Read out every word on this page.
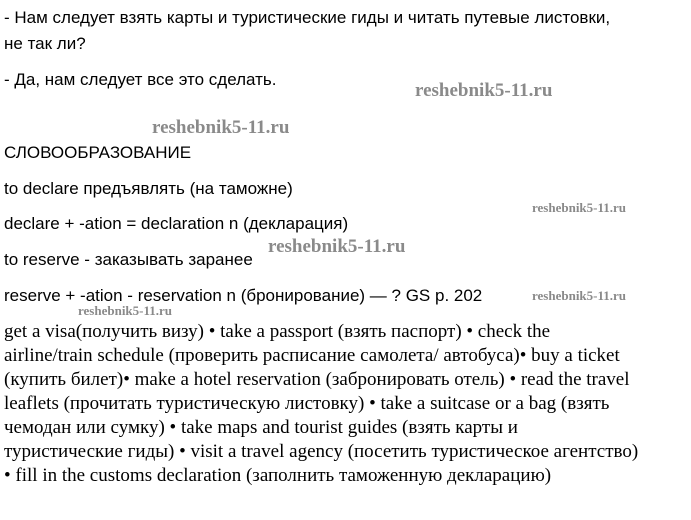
- Нам следует взять карты и туристические гиды и читать путевые листовки,
не так ли?
- Да, нам следует все это сделать.
СЛОВООБРАЗОВАНИЕ
to declare предъявлять (на таможне)
declare + -ation = declaration n (декларация)
to reserve - заказывать заранее
reserve + -ation - reservation n (бронирование) — ? GS p. 202
get a visa(получить визу) • take a passport (взять паспорт) • check the
airline/train schedule (проверить расписание самолета/ автобуса)• buy a ticket
(купить билет)• make a hotel reservation (забронировать отель) • read the travel
leaflets (прочитать туристическую листовку) • take a suitcase or a bag (взять
чемодан или сумку) • take maps and tourist guides (взять карты и
туристические гиды) • visit a travel agency (посетить туристическое агентство)
• fill in the customs declaration (заполнить таможенную декларацию)
reshebnik5-11.ru
reshebnik5-11.ru
reshebnik5-11.ru
reshebnik5-11.ru
reshebnik5-11.ru
reshebnik5-11.ru
